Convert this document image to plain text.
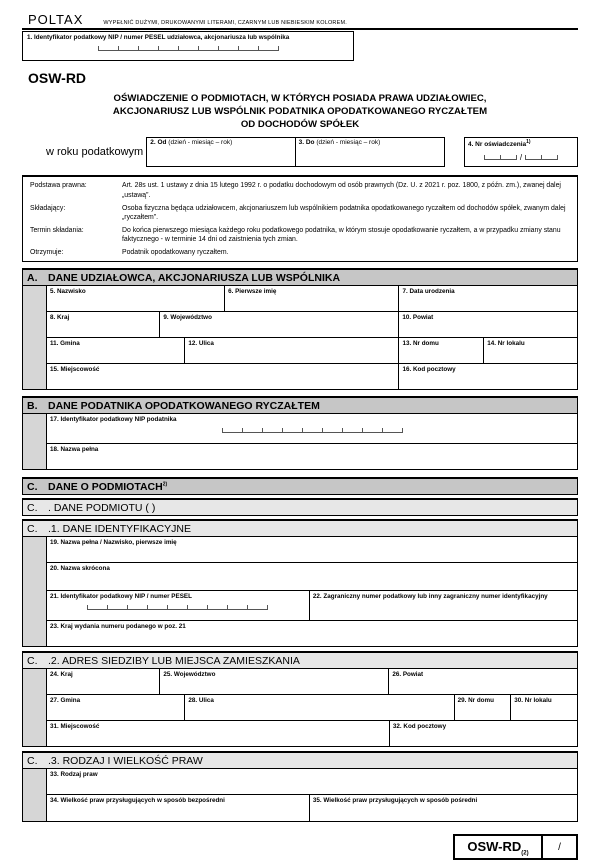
POLTAX	WYPEŁNIĆ DUŻYMI, DRUKOWANYMI LITERAMI, CZARNYM LUB NIEBIESKIM KOLOREM.
1. Identyfikator podatkowy NIP / numer PESEL udziałowca, akcjonariusza lub wspólnika
OSW-RD
OŚWIADCZENIE O PODMIOTACH, W KTÓRYCH POSIADA PRAWA UDZIAŁOWIEC,
AKCJONARIUSZ LUB WSPÓLNIK PODATNIKA OPODATKOWANEGO RYCZAŁTEM
OD DOCHODÓW SPÓŁEK
w roku podatkowym
2. Od (dzień - miesiąc – rok)	3. Do (dzień - miesiąc – rok)	4. Nr oświadczenia$^{1)}$
/
Podstawa prawna:	Art. 28s ust. 1 ustawy z dnia 15 lutego 1992 r. o podatku dochodowym od osób prawnych (Dz. U. z 2021 r. poz. 1800, z późn. zm.), zwanej dalej „ustawą”.
Składający:	Osoba fizyczna będąca udziałowcem, akcjonariuszem lub wspólnikiem podatnika opodatkowanego ryczałtem od dochodów spółek, zwanym dalej „ryczałtem”.
Termin składania:	Do końca pierwszego miesiąca każdego roku podatkowego podatnika, w którym stosuje opodatkowanie ryczałtem, a w przypadku zmiany stanu faktycznego - w terminie 14 dni od zaistnienia tych zmian.
Otrzymuje:	Podatnik opodatkowany ryczałtem.
A.	DANE UDZIAŁOWCA, AKCJONARIUSZA LUB WSPÓLNIKA
5. Nazwisko	6. Pierwsze imię	7. Data urodzenia
8. Kraj	9. Województwo	10. Powiat
11. Gmina	12. Ulica	13. Nr domu	14. Nr lokalu
15. Miejscowość	16. Kod pocztowy
B.	DANE PODATNIKA OPODATKOWANEGO RYCZAŁTEM
17. Identyfikator podatkowy NIP podatnika
18. Nazwa pełna
C.	DANE O PODMIOTACH$^{2)}$
C.	. DANE PODMIOTU ( )
C.	.1. DANE IDENTYFIKACYJNE
19. Nazwa pełna / Nazwisko, pierwsze imię
20. Nazwa skrócona
21. Identyfikator podatkowy NIP / numer PESEL	22. Zagraniczny numer podatkowy lub inny zagraniczny numer identyfikacyjny
23. Kraj wydania numeru podanego w poz. 21
C.	.2. ADRES SIEDZIBY LUB MIEJSCA ZAMIESZKANIA
24. Kraj	25. Województwo	26. Powiat
27. Gmina	28. Ulica	29. Nr domu	30. Nr lokalu
31. Miejscowość	32. Kod pocztowy
C.	.3. RODZAJ I WIELKOŚĆ PRAW
33. Rodzaj praw
34. Wielkość praw przysługujących w sposób bezpośredni	35. Wielkość praw przysługujących w sposób pośredni
OSW-$RD_{(2)}$
/
